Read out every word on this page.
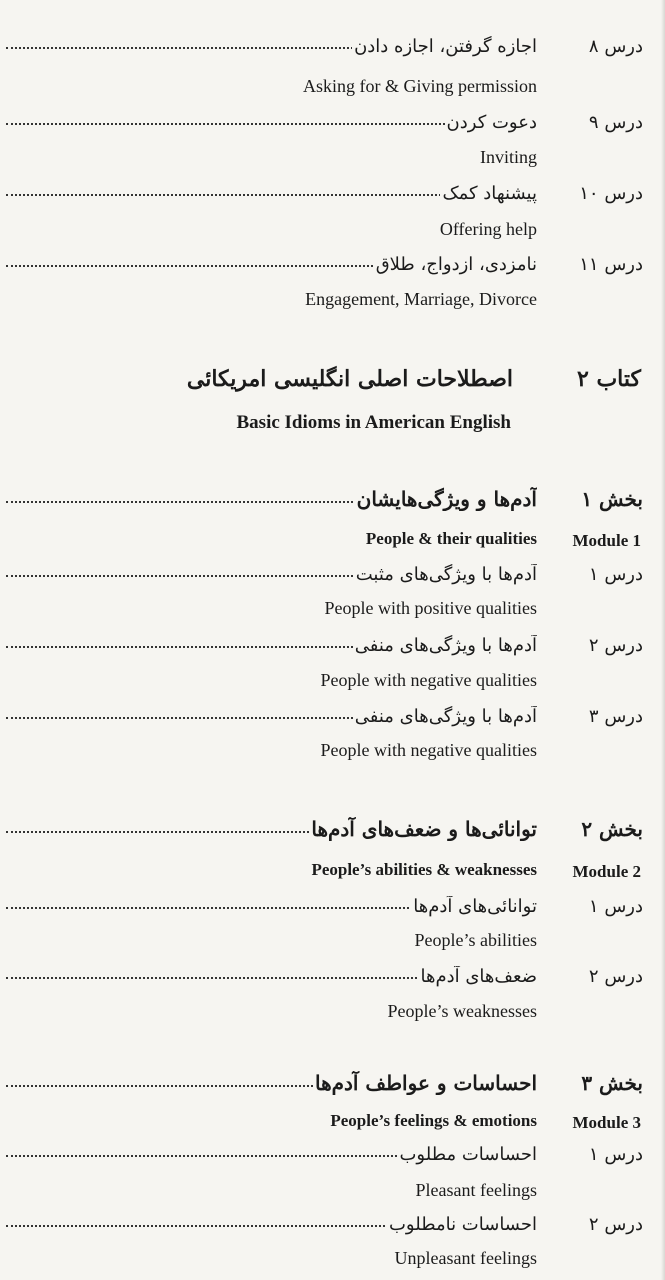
درس ۸
اجازه گرفتن، اجازه دادن
Asking for & Giving permission
درس ۹
دعوت کردن
Inviting
درس ۱۰
پیشنهاد کمک
Offering help
درس ۱۱
نامزدی، ازدواج، طلاق
Engagement, Marriage, Divorce
کتاب ۲
اصطلاحات اصلی انگلیسی امریکائی
Basic Idioms in American English
بخش ۱
آدم‌ها و ویژگی‌هایشان
People & their qualities Module 1
درس ۱
آدم‌ها با ویژگی‌های مثبت
People with positive qualities
درس ۲
آدم‌ها با ویژگی‌های منفی
People with negative qualities
درس ۳
آدم‌ها با ویژگی‌های منفی
People with negative qualities
بخش ۲
توانائی‌ها و ضعف‌های آدم‌ها
People’s abilities & weaknesses Module 2
درس ۱
توانائی‌های آدم‌ها
People’s abilities
درس ۲
ضعف‌های آدم‌ها
People’s weaknesses
بخش ۳
احساسات و عواطف آدم‌ها
People’s feelings & emotions Module 3
درس ۱
احساسات مطلوب
Pleasant feelings
درس ۲
احساسات نامطلوب
Unpleasant feelings
